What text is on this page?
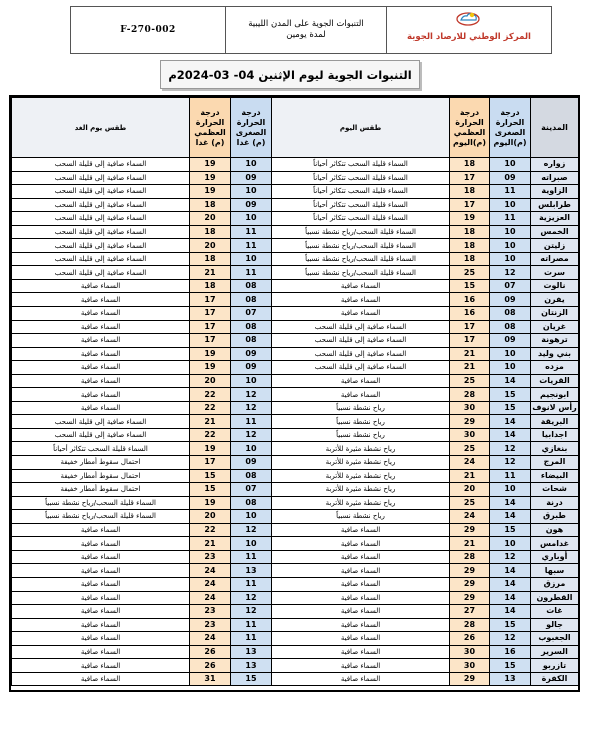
F-270-002
التنبوات الجوية على المدن الليبية
لمدة يومين	المركز الوطني للارصاد الجوية
التنبوات الجوية ليوم الإثنين 04- 03-2024م
المدينة	درجة الحرارة الصغرى (م)اليوم	درجة الحرارة العظمي (م)اليوم	طقس اليوم	درجة الحرارة الصغرى (م) غدا	درجة الحرارة العظمي (م) غدا	طقس يوم الغد
زواره	10	18	السماء قليلة السحب تتكاثر أحياناً	10	19	السماء صافية إلى قليلة السحب
صبراته	09	17	السماء قليلة السحب تتكاثر أحياناً	09	19	السماء صافية إلى قليلة السحب
الزاوية	11	18	السماء قليلة السحب تتكاثر أحياناً	10	19	السماء صافية إلى قليلة السحب
طرابلس	10	17	السماء قليلة السحب تتكاثر أحياناً	09	18	السماء صافية إلى قليلة السحب
العزيزية	11	19	السماء قليلة السحب تتكاثر أحياناً	10	20	السماء صافية إلى قليلة السحب
الخمس	10	18	السماء قليلة السحب/رياح نشطة نسبياً	11	18	السماء صافية إلى قليلة السحب
زليتن	10	18	السماء قليلة السحب/رياح نشطة نسبياً	11	20	السماء صافية إلى قليلة السحب
مصراته	10	18	السماء قليلة السحب/رياح نشطة نسبياً	10	18	السماء صافية إلى قليلة السحب
سرت	12	25	السماء قليلة السحب/رياح نشطة نسبياً	11	21	السماء صافية إلى قليلة السحب
نالوت	07	15	السماء صافية	08	18	السماء صافية
يفرن	09	16	السماء صافية	08	17	السماء صافية
الزنتان	08	16	السماء صافية	07	17	السماء صافية
غريان	08	17	السماء صافية إلى قليلة السحب	08	17	السماء صافية
ترهونة	09	17	السماء صافية إلى قليلة السحب	08	17	السماء صافية
بني وليد	10	21	السماء صافية إلى قليلة السحب	09	19	السماء صافية
مزده	10	21	السماء صافية إلى قليلة السحب	09	19	السماء صافية
القريات	14	25	السماء صافية	10	20	السماء صافية
ابونجيم	15	28	السماء صافية	12	22	السماء صافية
رأس لانوف	15	30	رياح نشطة نسبياً	12	22	السماء صافية
البريقة	14	29	رياح نشطة نسبياً	11	21	السماء صافية إلى قليلة السحب
اجدابيا	14	30	رياح نشطة نسبياً	12	22	السماء صافية إلى قليلة السحب
بنغازي	12	25	رياح نشطة مثيرة للأتربة	10	19	السماء قليلة السحب تتكاثر أحياناً
المرج	12	24	رياح نشطة مثيرة للأتربة	09	17	احتمال سقوط أمطار خفيفة
البيضاء	11	21	رياح نشطة مثيرة للأتربة	08	15	احتمال سقوط أمطار خفيفة
شحات	10	20	رياح نشطة مثيرة للأتربة	07	15	احتمال سقوط أمطار خفيفة
درنة	14	25	رياح نشطة مثيرة للأتربة	08	19	السماء قليلة السحب/رياح نشطة نسبياً
طبرق	14	24	رياح نشطة نسبياً	10	20	السماء قليلة السحب/رياح نشطة نسبياً
هون	15	29	السماء صافية	12	22	السماء صافية
غدامس	10	21	السماء صافية	10	21	السماء صافية
أوباري	12	28	السماء صافية	11	23	السماء صافية
سبها	14	29	السماء صافية	13	24	السماء صافية
مرزق	14	29	السماء صافية	11	24	السماء صافية
القطرون	14	29	السماء صافية	12	24	السماء صافية
غات	14	27	السماء صافية	12	23	السماء صافية
جالو	15	28	السماء صافية	11	23	السماء صافية
الجغبوب	12	26	السماء صافية	11	24	السماء صافية
السرير	16	30	السماء صافية	13	26	السماء صافية
تازربو	15	30	السماء صافية	13	26	السماء صافية
الكفرة	13	29	السماء صافية	15	31	السماء صافية
